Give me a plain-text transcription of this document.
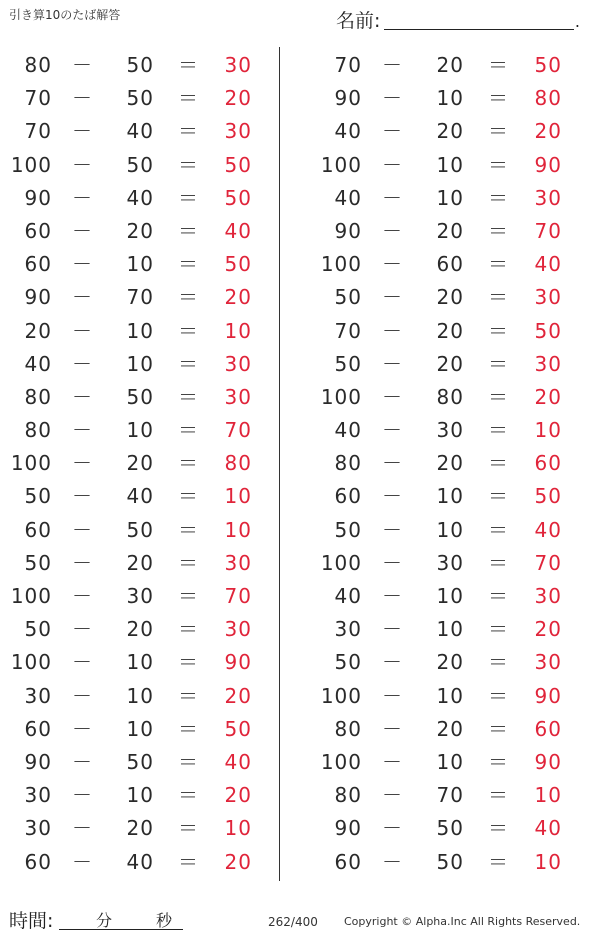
引き算10のたば解答	名前:	.
80 －	50 ＝	30
70 －	50 ＝	20
70 －	40 ＝	30
100 －	50 ＝	50
90 －	40 ＝	50
60 －	20 ＝	40
60 －	10 ＝	50
90 －	70 ＝	20
20 －	10 ＝	10
40 －	10 ＝	30
80 －	50 ＝	30
80 －	10 ＝	70
100 －	20 ＝	80
50 －	40 ＝	10
60 －	50 ＝	10
50 －	20 ＝	30
100 －	30 ＝	70
50 －	20 ＝	30
100 －	10 ＝	90
30 －	10 ＝	20
60 －	10 ＝	50
90 －	50 ＝	40
30 －	10 ＝	20
30 －	20 ＝	10
60 －	40 ＝	20
70 －	20 ＝	50
90 －	10 ＝	80
40 －	20 ＝	20
100 －	10 ＝	90
40 －	10 ＝	30
90 －	20 ＝	70
100 －	60 ＝	40
50 －	20 ＝	30
70 －	20 ＝	50
50 －	20 ＝	30
100 －	80 ＝	20
40 －	30 ＝	10
80 －	20 ＝	60
60 －	10 ＝	50
50 －	10 ＝	40
100 －	30 ＝	70
40 －	10 ＝	30
30 －	10 ＝	20
50 －	20 ＝	30
100 －	10 ＝	90
80 －	20 ＝	60
100 －	10 ＝	90
80 －	70 ＝	10
90 －	50 ＝	40
60 －	50 ＝	10
時間:	分	秒	262/400 Copyright © Alpha.Inc All Rights Reserved.
